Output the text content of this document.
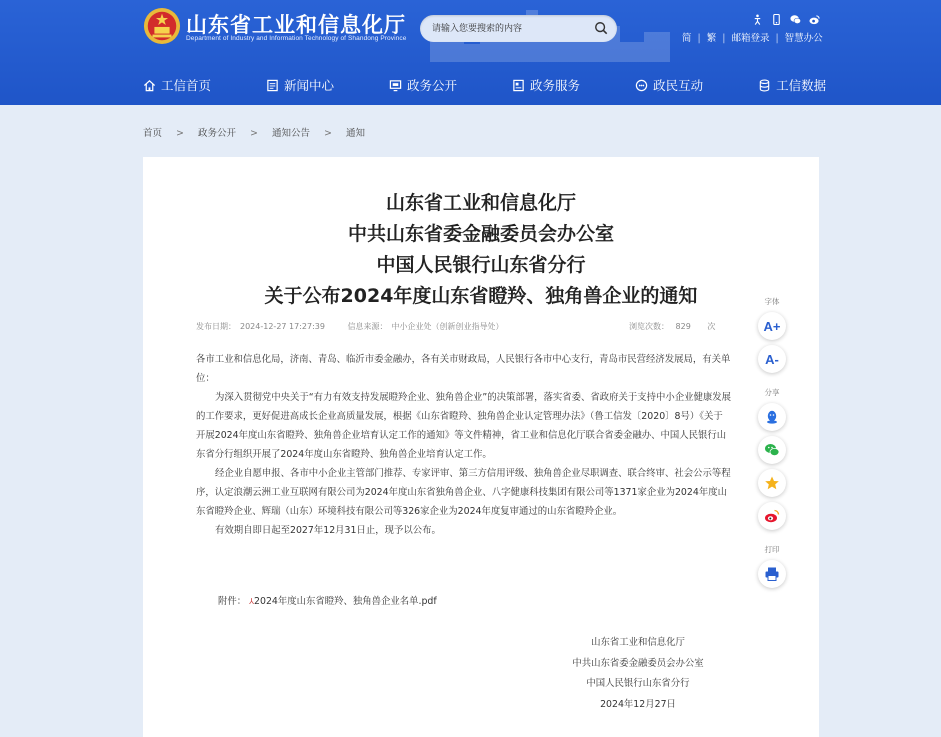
山东省工业和信息化厅
Department of Industry and Information Technology of Shandong Province
请输入您要搜索的内容	简 | 繁 | 邮箱登录 | 智慧办公
工信首页	新闻中心	政务公开	政务服务	政民互动	工信数据
首页 > 政务公开 > 通知公告 > 通知
山东省工业和信息化厅
中共山东省委金融委员会办公室
中国人民银行山东省分行
关于公布2024年度山东省瞪羚、独角兽企业的通知
发布日期： 2024-12-27 17:27:39	信息来源： 中小企业处（创新创业指导处）	浏览次数： 829 次

各市工业和信息化局，济南、青岛、临沂市委金融办，各有关市财政局，人民银行各市中心支行，青岛市民营经济发展局，有关单位：

为深入贯彻党中央关于“有力有效支持发展瞪羚企业、独角兽企业”的决策部署，落实省委、省政府关于支持中小企业健康发展的工作要求，更好促进高成长企业高质量发展，根据《山东省瞪羚、独角兽企业认定管理办法》（鲁工信发〔2020〕8号）《关于开展2024年度山东省瞪羚、独角兽企业培育认定工作的通知》等文件精神，省工业和信息化厅联合省委金融办、中国人民银行山东省分行组织开展了2024年度山东省瞪羚、独角兽企业培育认定工作。

经企业自愿申报、各市中小企业主管部门推荐、专家评审、第三方信用评级、独角兽企业尽职调查、联合终审、社会公示等程序，认定浪潮云洲工业互联网有限公司为2024年度山东省独角兽企业、八字健康科技集团有限公司等1371家企业为2024年度山东省瞪羚企业、辉瑞（山东）环境科技有限公司等326家企业为2024年度复审通过的山东省瞪羚企业。

有效期自即日起至2027年12月31日止，现予以公布。

附件： ⅄2024年度山东省瞪羚、独角兽企业名单.pdf
山东省工业和信息化厅
中共山东省委金融委员会办公室
中国人民银行山东省分行
2024年12月27日
字体
A+
A-
分享
打印
